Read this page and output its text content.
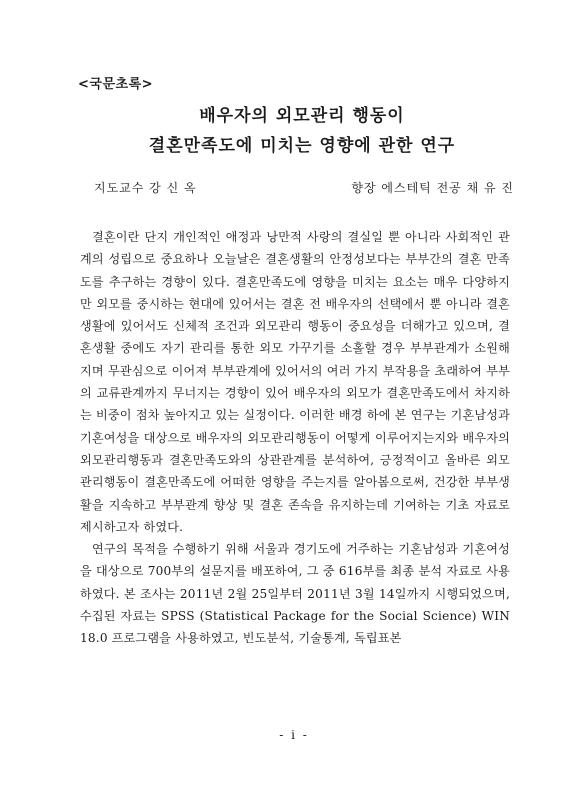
<국문초록>
배우자의 외모관리 행동이
결혼만족도에 미치는 영향에 관한 연구
지도교수 강 신 옥	향장 에스테틱 전공 채 유 진

결혼이란 단지 개인적인 애정과 낭만적 사랑의 결실일 뿐 아니라 사회적인 관계의 성립으로 중요하나 오늘날은 결혼생활의 안정성보다는 부부간의 결혼 만족도를 추구하는 경향이 있다. 결혼만족도에 영향을 미치는 요소는 매우 다양하지만 외모를 중시하는 현대에 있어서는 결혼 전 배우자의 선택에서 뿐 아니라 결혼생활에 있어서도 신체적 조건과 외모관리 행동이 중요성을 더해가고 있으며, 결혼생활 중에도 자기 관리를 통한 외모 가꾸기를 소홀할 경우 부부관계가 소원해지며 무관심으로 이어져 부부관계에 있어서의 여러 가지 부작용을 초래하여 부부의 교류관계까지 무너지는 경향이 있어 배우자의 외모가 결혼만족도에서 차지하는 비중이 점차 높아지고 있는 실정이다. 이러한 배경 하에 본 연구는 기혼남성과 기혼여성을 대상으로 배우자의 외모관리행동이 어떻게 이루어지는지와 배우자의 외모관리행동과 결혼만족도와의 상관관계를 분석하여, 긍정적이고 올바른 외모관리행동이 결혼만족도에 어떠한 영향을 주는지를 알아봄으로써, 건강한 부부생활을 지속하고 부부관계 향상 및 결혼 존속을 유지하는데 기여하는 기초 자료로 제시하고자 하였다.

연구의 목적을 수행하기 위해 서울과 경기도에 거주하는 기혼남성과 기혼여성을 대상으로 700부의 설문지를 배포하여, 그 중 616부를 최종 분석 자료로 사용하였다. 본 조사는 2011년 2월 25일부터 2011년 3월 14일까지 시행되었으며, 수집된 자료는 SPSS (Statistical Package for the Social Science) WIN 18.0 프로그램을 사용하였고, 빈도분석, 기술통계, 독립표본

- i -
